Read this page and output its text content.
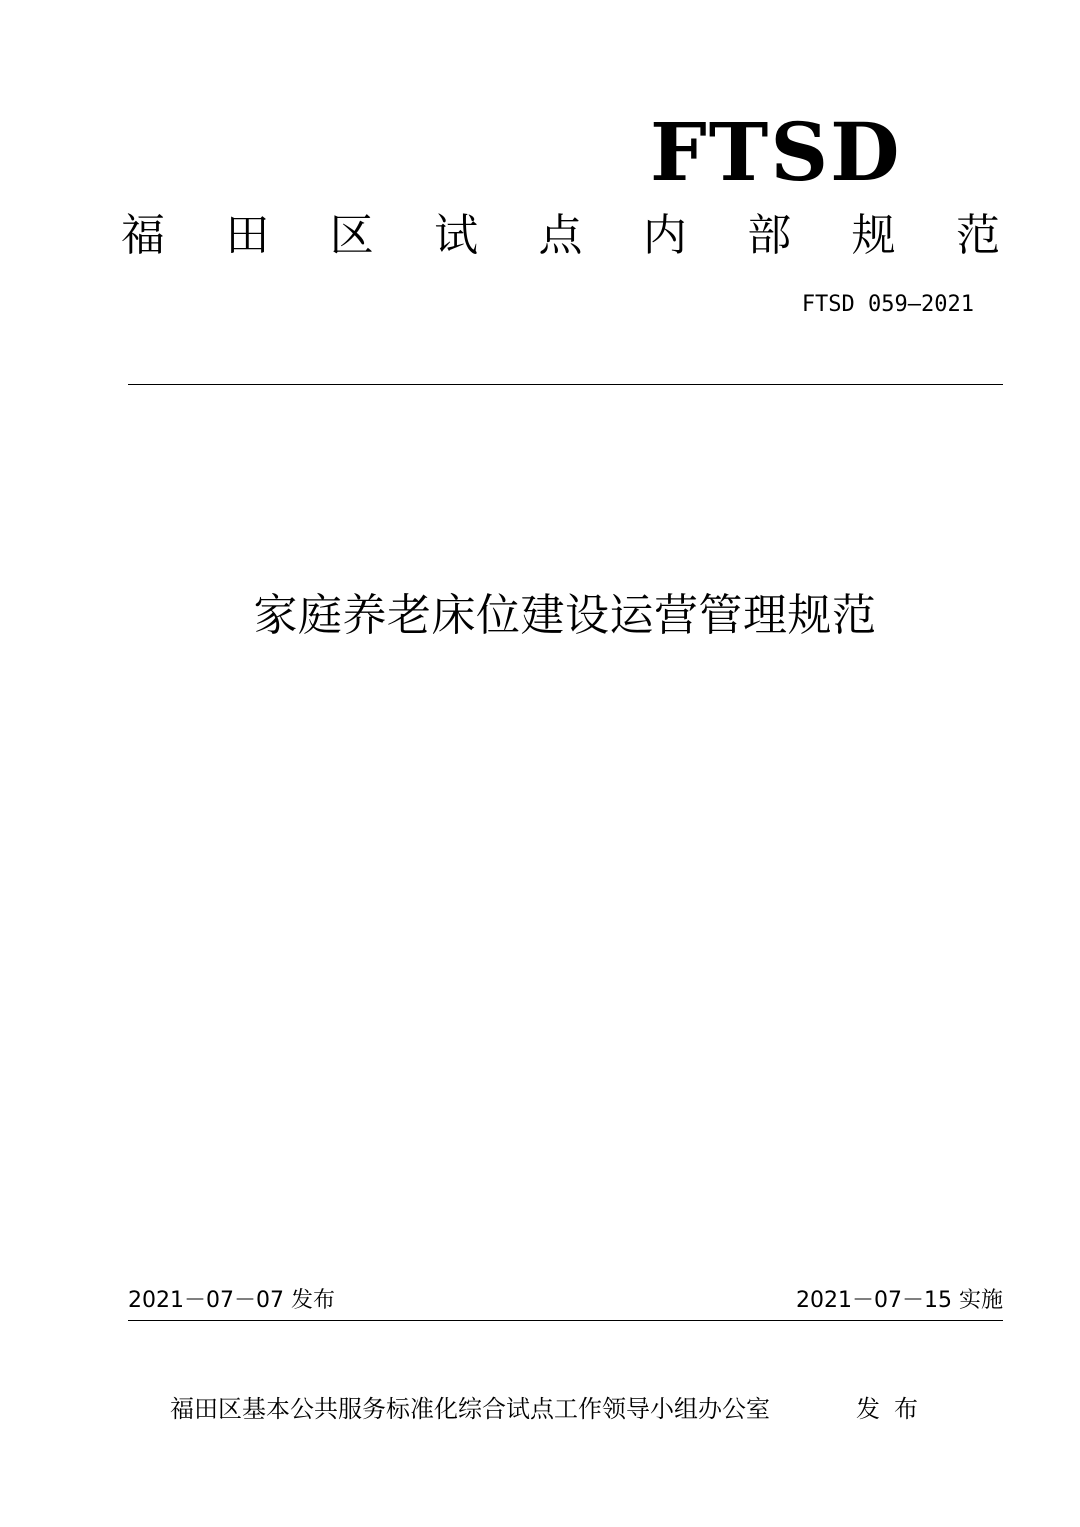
FTSD
福 田 区 试 点 内 部 规 范
FTSD 059—2021
家庭养老床位建设运营管理规范
2021－07－07 发布	2021－07－15 实施
福田区基本公共服务标准化综合试点工作领导小组办公室	发布
